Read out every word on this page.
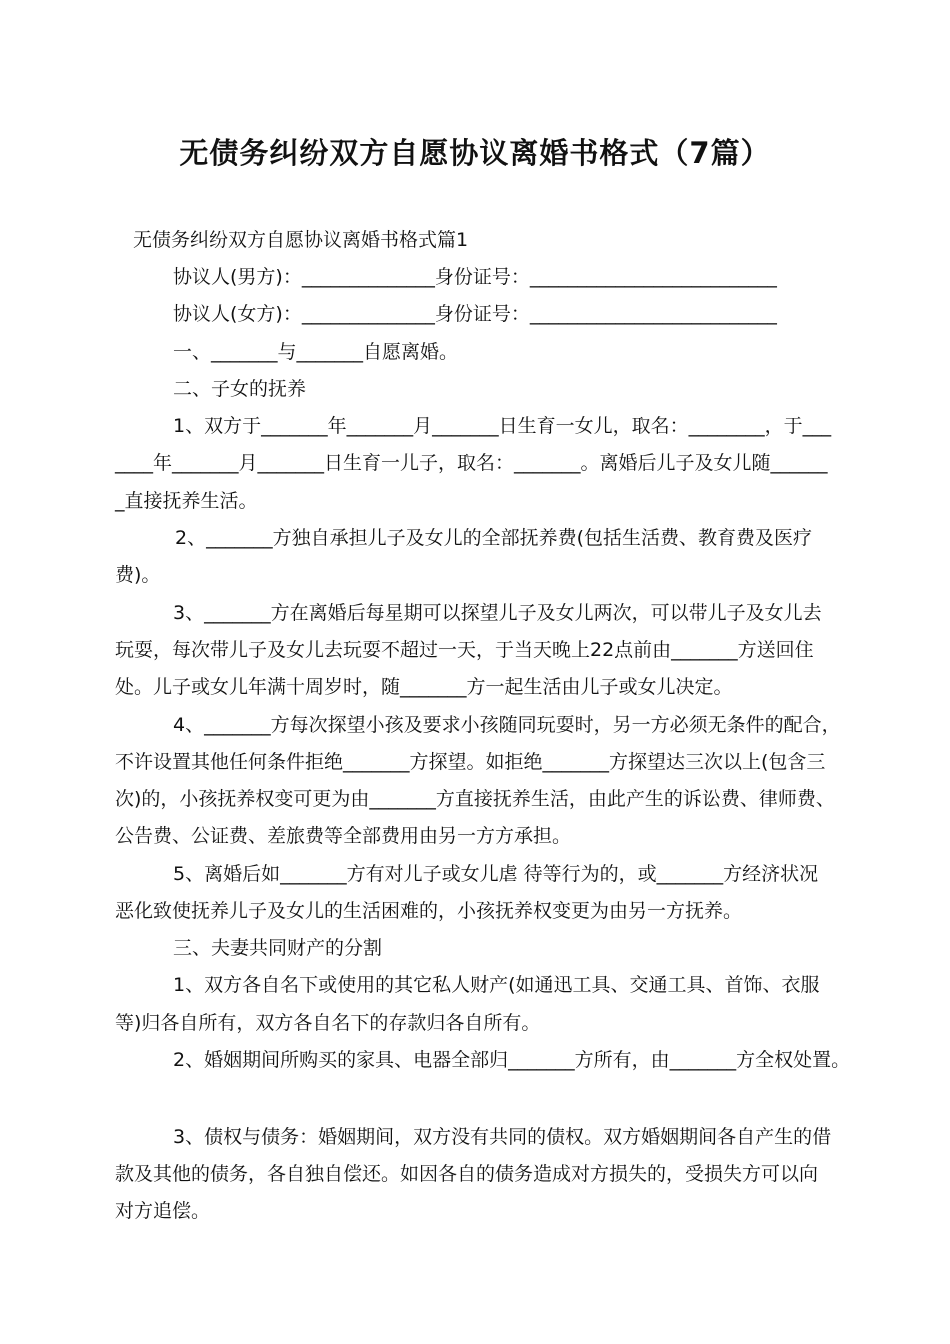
无债务纠纷双方自愿协议离婚书格式（7篇）
无债务纠纷双方自愿协议离婚书格式篇1
协议人(男方)：______________身份证号：__________________________
协议人(女方)：______________身份证号：__________________________
一、_______与_______自愿离婚。
二、子女的抚养
1、双方于_______年_______月_______日生育一女儿，取名：________，于___
____年_______月_______日生育一儿子，取名：_______。离婚后儿子及女儿随______
_直接抚养生活。
2、_______方独自承担儿子及女儿的全部抚养费(包括生活费、教育费及医疗
费)。
3、_______方在离婚后每星期可以探望儿子及女儿两次，可以带儿子及女儿去
玩耍，每次带儿子及女儿去玩耍不超过一天，于当天晚上22点前由_______方送回住
处。儿子或女儿年满十周岁时，随_______方一起生活由儿子或女儿决定。
4、_______方每次探望小孩及要求小孩随同玩耍时，另一方必须无条件的配合，
不许设置其他任何条件拒绝_______方探望。如拒绝_______方探望达三次以上(包含三
次)的，小孩抚养权变可更为由_______方直接抚养生活，由此产生的诉讼费、律师费、
公告费、公证费、差旅费等全部费用由另一方方承担。
5、离婚后如_______方有对儿子或女儿虐 待等行为的，或_______方经济状况
恶化致使抚养儿子及女儿的生活困难的，小孩抚养权变更为由另一方抚养。
三、夫妻共同财产的分割
1、双方各自名下或使用的其它私人财产(如通迅工具、交通工具、首饰、衣服
等)归各自所有，双方各自名下的存款归各自所有。
2、婚姻期间所购买的家具、电器全部归_______方所有，由_______方全权处置。
3、债权与债务：婚姻期间，双方没有共同的债权。双方婚姻期间各自产生的借
款及其他的债务，各自独自偿还。如因各自的债务造成对方损失的，受损失方可以向
对方追偿。
